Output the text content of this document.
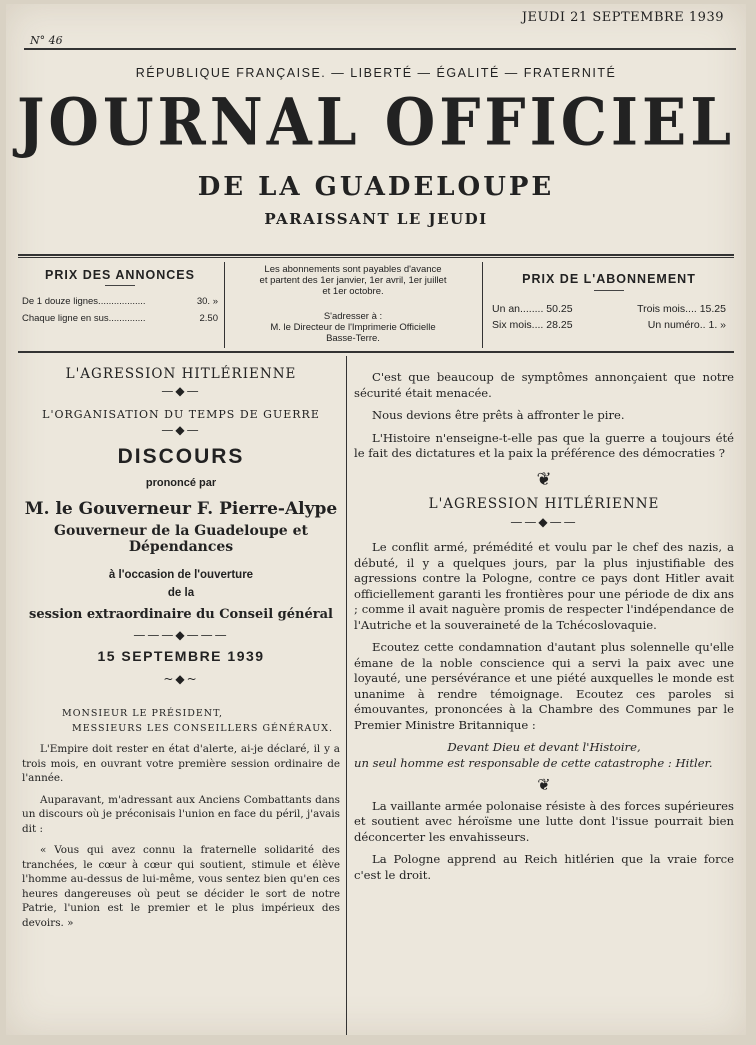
N° 46
JEUDI 21 SEPTEMBRE 1939
RÉPUBLIQUE FRANÇAISE. — LIBERTÉ — ÉGALITÉ — FRATERNITÉ
JOURNAL OFFICIEL
DE LA GUADELOUPE
PARAISSANT LE JEUDI
PRIX DES ANNONCES
De 1 douze lignes..................	30. »
Chaque ligne en sus..............	2.50
Les abonnements sont payables d'avance
et partent des 1er janvier, 1er avril, 1er juillet
et 1er octobre.
S'adresser à :
M. le Directeur de l'Imprimerie Officielle
Basse-Terre.
PRIX DE L'ABONNEMENT
Un an........ 50.25	Trois mois.... 15.25
Six mois.... 28.25	Un numéro.. 1. »
L'AGRESSION HITLÉRIENNE
—◆—
L'ORGANISATION DU TEMPS DE GUERRE
—◆—
DISCOURS
prononcé par
M. le Gouverneur F. Pierre-Alype
Gouverneur de la Guadeloupe et Dépendances
à l'occasion de l'ouverture
de la
session extraordinaire du Conseil général
———◆———
15 SEPTEMBRE 1939
~◆~
MONSIEUR LE PRÉSIDENT,
MESSIEURS LES CONSEILLERS GÉNÉRAUX.

L'Empire doit rester en état d'alerte, ai-je déclaré, il y a trois mois, en ouvrant votre première session ordinaire de l'année.

Auparavant, m'adressant aux Anciens Combattants dans un discours où je préconisais l'union en face du péril, j'avais dit :

« Vous qui avez connu la fraternelle solidarité des tranchées, le cœur à cœur qui soutient, stimule et élève l'homme au-dessus de lui-même, vous sentez bien qu'en ces heures dangereuses où peut se décider le sort de notre Patrie, l'union est le premier et le plus impérieux des devoirs. »

C'est que beaucoup de symptômes annonçaient que notre sécurité était menacée.

Nous devions être prêts à affronter le pire.

L'Histoire n'enseigne-t-elle pas que la guerre a toujours été le fait des dictatures et la paix la préférence des démocraties ?

❦
L'AGRESSION HITLÉRIENNE
——◆——

Le conflit armé, prémédité et voulu par le chef des nazis, a débuté, il y a quelques jours, par la plus injustifiable des agressions contre la Pologne, contre ce pays dont Hitler avait officiellement garanti les frontières pour une période de dix ans ; comme il avait naguère promis de respecter l'indépendance de l'Autriche et la souveraineté de la Tchécoslovaquie.

Ecoutez cette condamnation d'autant plus solennelle qu'elle émane de la noble conscience qui a servi la paix avec une loyauté, une persévérance et une piété auxquelles le monde est unanime à rendre témoignage. Ecoutez ces paroles si émouvantes, prononcées à la Chambre des Communes par le Premier Ministre Britannique :

Devant Dieu et devant l'Histoire,
un seul homme est responsable de cette catastrophe : Hitler.
❦

La vaillante armée polonaise résiste à des forces supérieures et soutient avec héroïsme une lutte dont l'issue pourrait bien déconcerter les envahisseurs.

La Pologne apprend au Reich hitlérien que la vraie force c'est le droit.
